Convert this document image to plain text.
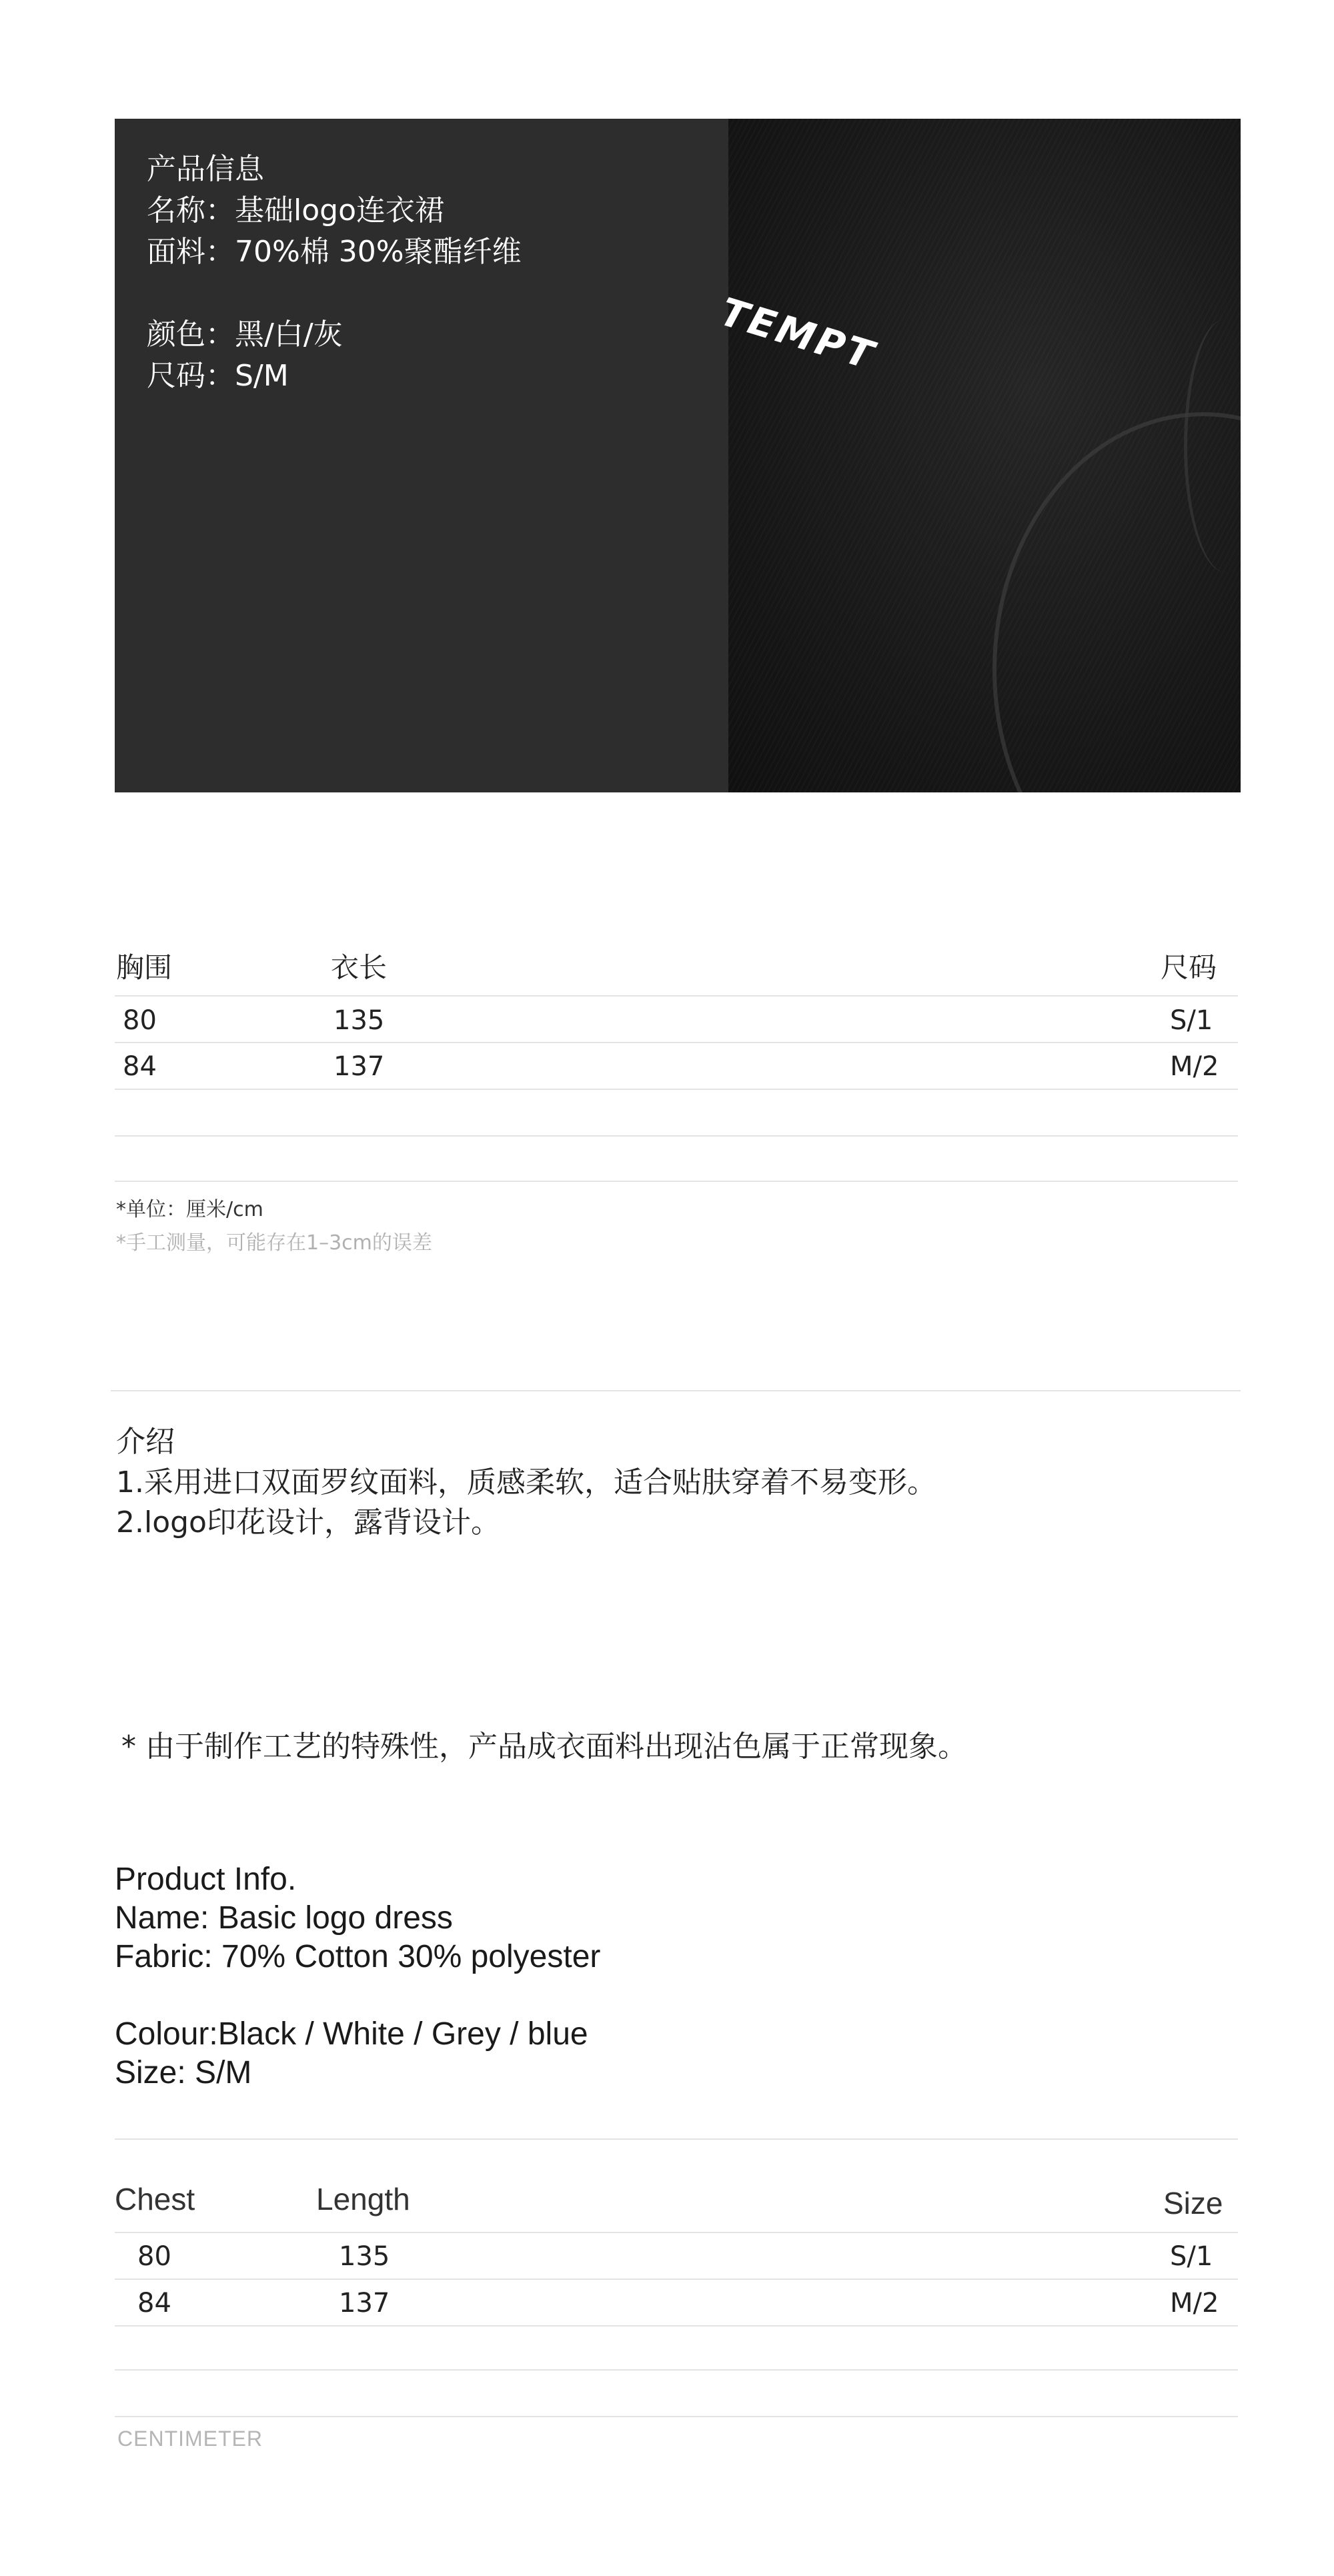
TEMPT
产品信息
名称：基础logo连衣裙
面料：70%棉 30%聚酯纤维
颜色：黑/白/灰
尺码：S/M
胸围	衣长	尺码
80	135	S/1
84	137	M/2
*单位：厘米/cm
*手工测量，可能存在1–3cm的误差
介绍
1.采用进口双面罗纹面料，质感柔软，适合贴肤穿着不易变形。
2.logo印花设计，露背设计。
* 由于制作工艺的特殊性，产品成衣面料出现沾色属于正常现象。
Product Info.
Name: Basic logo dress
Fabric: 70% Cotton 30% polyester
Colour:Black / White / Grey / blue
Size: S/M
Chest	Length	Size
80	135	S/1
84	137	M/2
CENTIMETER
